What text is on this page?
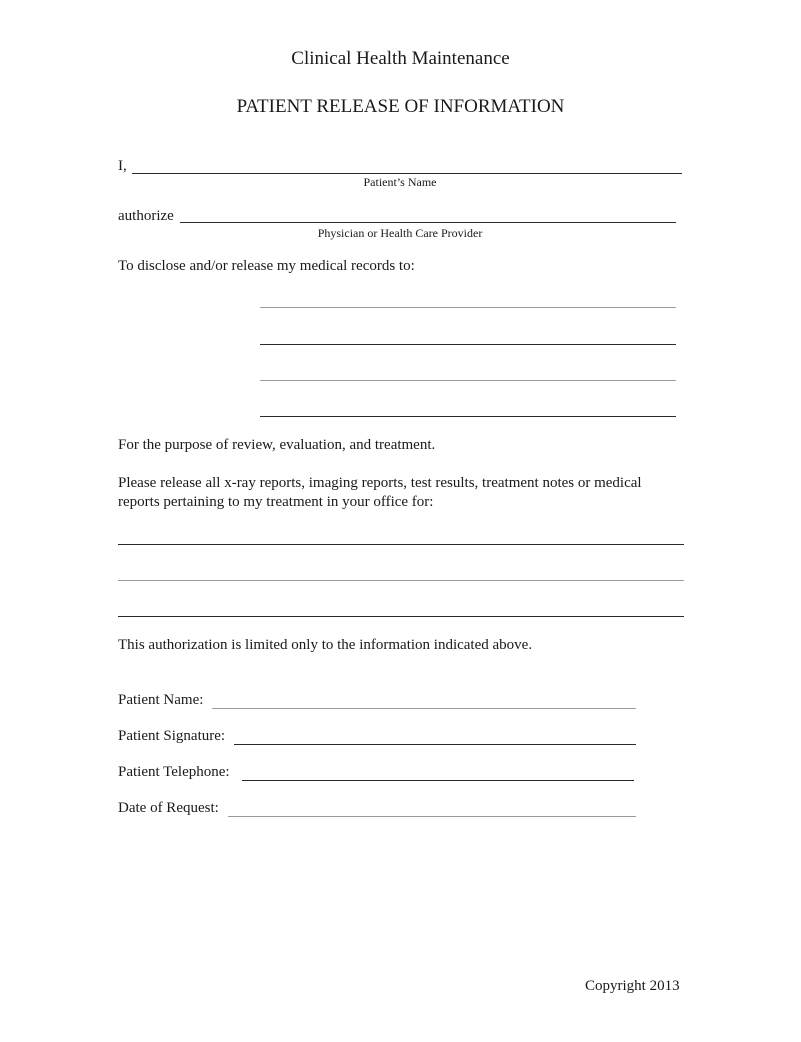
Clinical Health Maintenance
PATIENT RELEASE OF INFORMATION
I,
Patient’s Name
authorize
Physician or Health Care Provider
To disclose and/or release my medical records to:
For the purpose of review, evaluation, and treatment.
Please release all x-ray reports, imaging reports, test results, treatment notes or medical
reports pertaining to my treatment in your office for:
This authorization is limited only to the information indicated above.
Patient Name:
Patient Signature:
Patient Telephone:
Date of Request:
Copyright 2013
